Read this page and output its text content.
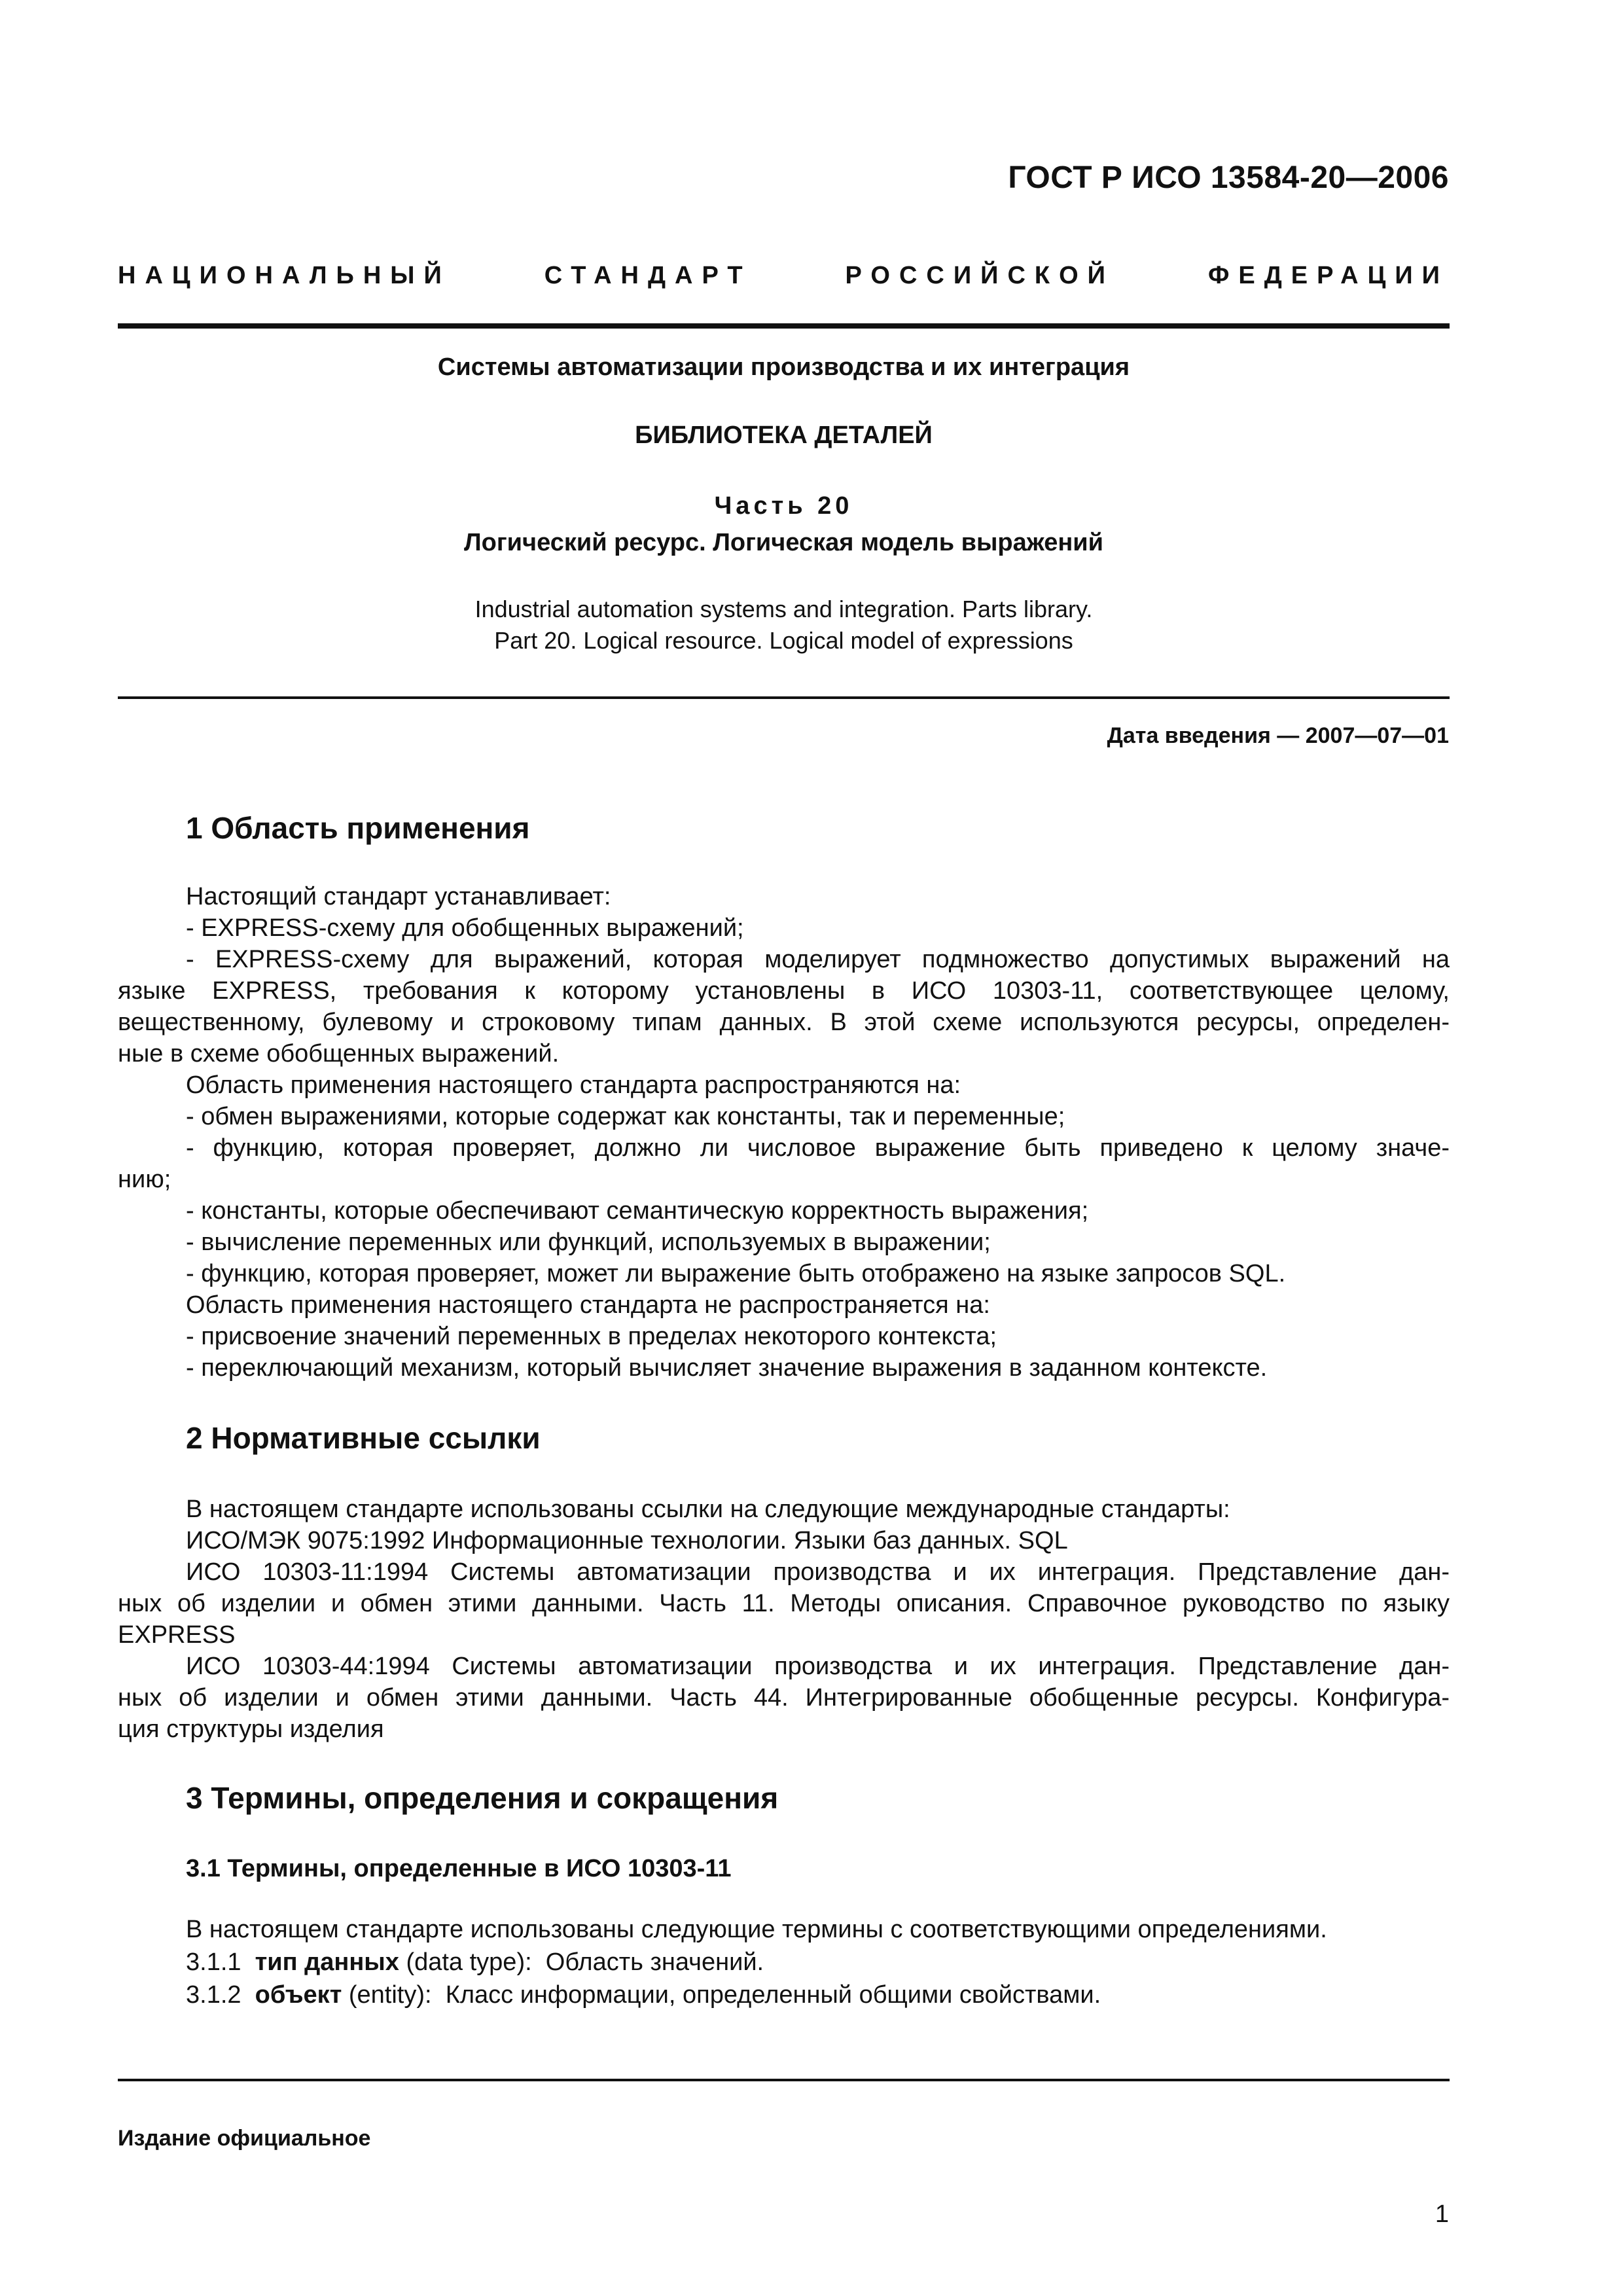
ГОСТ Р ИСО 13584-20—2006
НАЦИОНАЛЬНЫЙ	СТАНДАРТ	РОССИЙСКОЙ	ФЕДЕРАЦИИ
Системы автоматизации производства и их интеграция
БИБЛИОТЕКА ДЕТАЛЕЙ
Часть 20
Логический ресурс. Логическая модель выражений
Industrial automation systems and integration. Parts library.
Part 20. Logical resource. Logical model of expressions
Дата введения — 2007—07—01
1 Область применения
Настоящий стандарт устанавливает:
- EXPRESS-схему для обобщенных выражений;
- EXPRESS-схему для выражений, которая моделирует подмножество допустимых выражений на
языке EXPRESS, требования к которому установлены в ИСО 10303-11, соответствующее целому,
вещественному, булевому и строковому типам данных. В этой схеме используются ресурсы, определен-
ные в схеме обобщенных выражений.
Область применения настоящего стандарта распространяются на:
- обмен выражениями, которые содержат как константы, так и переменные;
- функцию, которая проверяет, должно ли числовое выражение быть приведено к целому значе-
нию;
- константы, которые обеспечивают семантическую корректность выражения;
- вычисление переменных или функций, используемых в выражении;
- функцию, которая проверяет, может ли выражение быть отображено на языке запросов SQL.
Область применения настоящего стандарта не распространяется на:
- присвоение значений переменных в пределах некоторого контекста;
- переключающий механизм, который вычисляет значение выражения в заданном контексте.
2 Нормативные ссылки
В настоящем стандарте использованы ссылки на следующие международные стандарты:
ИСО/МЭК 9075:1992 Информационные технологии. Языки баз данных. SQL
ИСО 10303-11:1994 Системы автоматизации производства и их интеграция. Представление дан-
ных об изделии и обмен этими данными. Часть 11. Методы описания. Справочное руководство по языку
EXPRESS
ИСО 10303-44:1994 Системы автоматизации производства и их интеграция. Представление дан-
ных об изделии и обмен этими данными. Часть 44. Интегрированные обобщенные ресурсы. Конфигура-
ция структуры изделия
3 Термины, определения и сокращения
3.1 Термины, определенные в ИСО 10303-11
В настоящем стандарте использованы следующие термины с соответствующими определениями.
3.1.1 тип данных (data type):  Область значений.
3.1.2 объект (entity):  Класс информации, определенный общими свойствами.
Издание официальное
1
